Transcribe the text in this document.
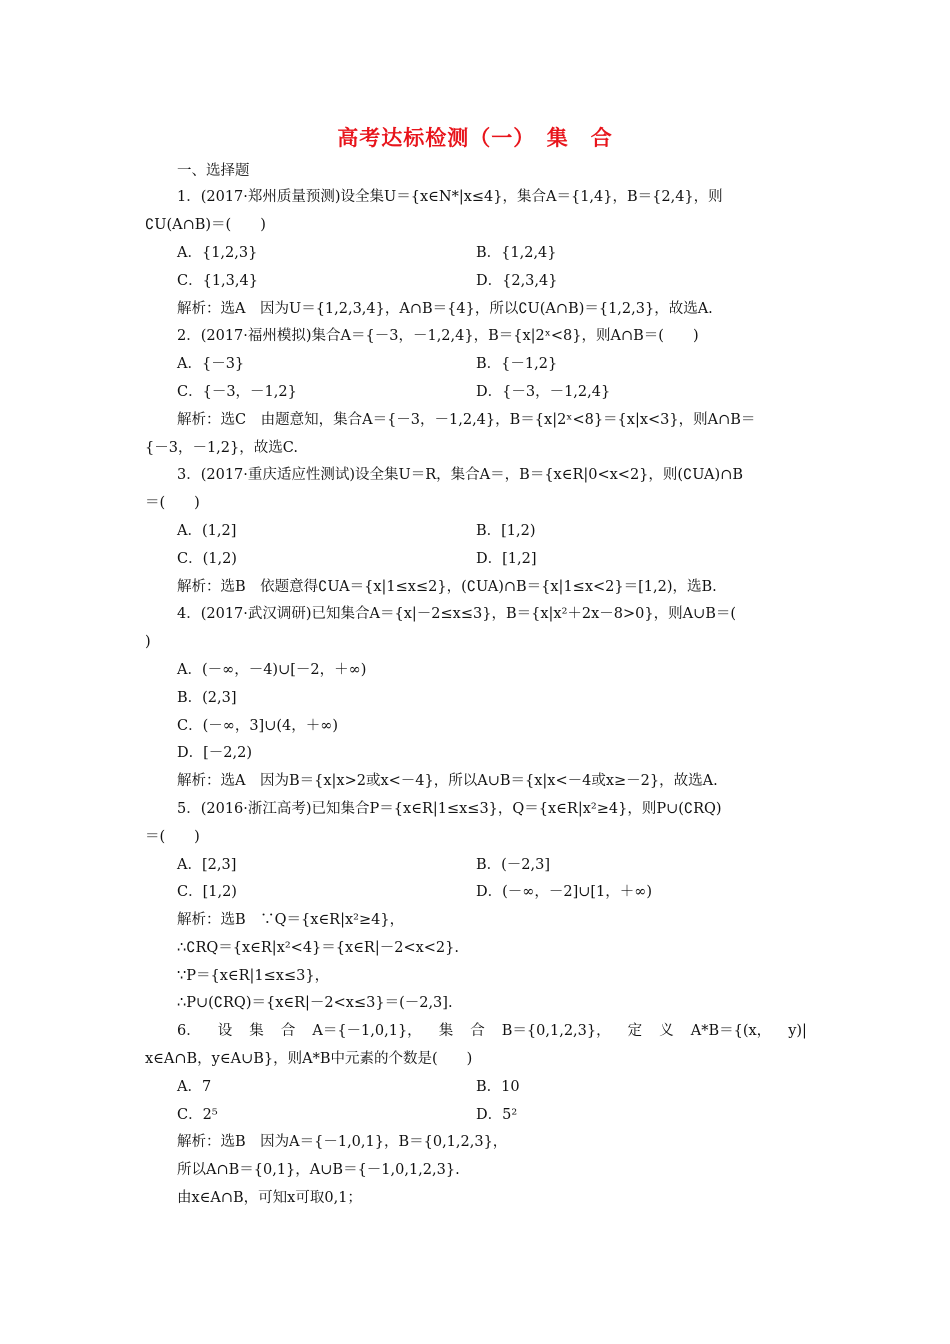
高考达标检测（一）　集　合
一、选择题
1．(2017·郑州质量预测)设全集U＝{x∈N*|x≤4}，集合A＝{1,4}，B＝{2,4}，则
∁U(A∩B)＝(　　)
A．{1,2,3}	B．{1,2,4}
C．{1,3,4}	D．{2,3,4}
解析：选A　因为U＝{1,2,3,4}，A∩B＝{4}，所以∁U(A∩B)＝{1,2,3}，故选A.
2．(2017·福州模拟)集合A＝{－3，－1,2,4}，B＝{x|2ˣ<8}，则A∩B＝(　　)
A．{－3}	B．{－1,2}
C．{－3，－1,2}	D．{－3，－1,2,4}
解析：选C　由题意知，集合A＝{－3，－1,2,4}，B＝{x|2ˣ<8}＝{x|x<3}，则A∩B＝
{－3，－1,2}，故选C.
3．(2017·重庆适应性测试)设全集U＝R，集合A＝，B＝{x∈R|0<x<2}，则(∁UA)∩B
＝(　　)
A．(1,2]	B．[1,2)
C．(1,2)	D．[1,2]
解析：选B　依题意得∁UA＝{x|1≤x≤2}，(∁UA)∩B＝{x|1≤x<2}＝[1,2)，选B.
4．(2017·武汉调研)已知集合A＝{x|－2≤x≤3}，B＝{x|x²＋2x－8>0}，则A∪B＝(
)
A．(－∞，－4)∪[－2，＋∞)
B．(2,3]
C．(－∞，3]∪(4，＋∞)
D．[－2,2)
解析：选A　因为B＝{x|x>2或x<－4}，所以A∪B＝{x|x<－4或x≥－2}，故选A.
5．(2016·浙江高考)已知集合P＝{x∈R|1≤x≤3}，Q＝{x∈R|x²≥4}，则P∪(∁RQ)
＝(　　)
A．[2,3]	B．(－2,3]
C．[1,2)	D．(－∞，－2]∪[1，＋∞)
解析：选B　∵Q＝{x∈R|x²≥4}，
∴∁RQ＝{x∈R|x²<4}＝{x∈R|－2<x<2}.
∵P＝{x∈R|1≤x≤3}，
∴P∪(∁RQ)＝{x∈R|－2<x≤3}＝(－2,3].
6． 设 集 合 A＝{－1,0,1}， 集 合 B＝{0,1,2,3}， 定 义 A*B＝{(x， y)|
x∈A∩B，y∈A∪B}，则A*B中元素的个数是(　　)
A．7	B．10
C．2⁵	D．5²
解析：选B　因为A＝{－1,0,1}，B＝{0,1,2,3}，
所以A∩B＝{0,1}，A∪B＝{－1,0,1,2,3}.
由x∈A∩B，可知x可取0,1；
